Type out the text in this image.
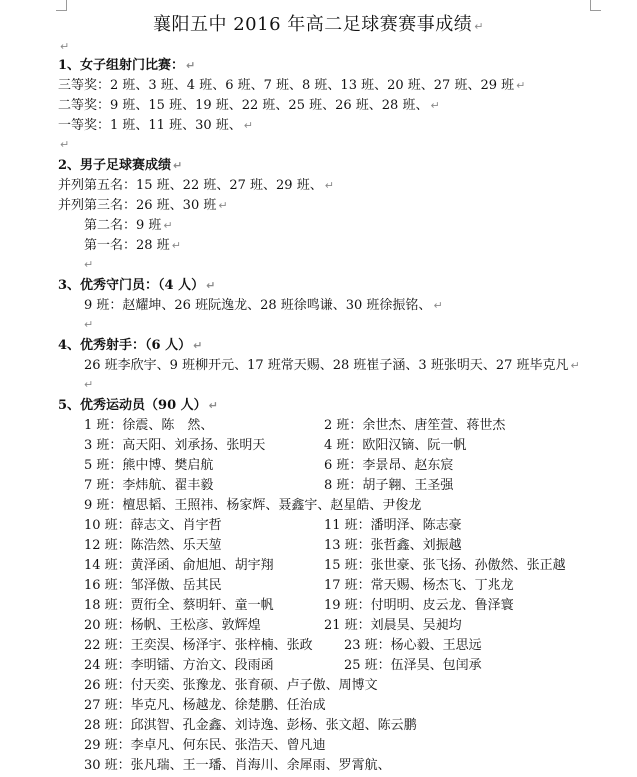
襄阳五中 2016 年高二足球赛赛事成绩 ↵
↵
1、女子组射门比赛： ↵
三等奖：2 班、3 班、4 班、6 班、7 班、8 班、13 班、20 班、27 班、29 班 ↵
二等奖：9 班、15 班、19 班、22 班、25 班、26 班、28 班、 ↵
一等奖：1 班、11 班、30 班、 ↵
↵
2、男子足球赛成绩 ↵
并列第五名：15 班、22 班、27 班、29 班、 ↵
并列第三名：26 班、30 班 ↵
第二名：9 班 ↵
第一名：28 班 ↵
↵
3、优秀守门员：（4 人） ↵
9 班：赵耀坤、26 班阮逸龙、28 班徐鸣谦、30 班徐振铭、 ↵
↵
4、优秀射手：（6 人） ↵
26 班李欣宇、9 班柳开元、17 班常天赐、28 班崔子涵、3 班张明天、27 班毕克凡 ↵
↵
5、优秀运动员（90 人） ↵
1 班：徐震、陈　然、	2 班：余世杰、唐笙萱、蒋世杰
3 班：高天阳、刘承扬、张明天	4 班：欧阳汉镝、阮一帆
5 班：熊中博、樊启航	6 班：李景昂、赵东宸
7 班：李炜航、翟丰毅	8 班：胡子翱、王圣强
9 班：檀思韬、王照祎、杨家辉、聂鑫宇、赵星皓、尹俊龙
10 班：薛志文、肖宇哲	11 班：潘明泽、陈志豪
12 班：陈浩然、乐天堃	13 班：张哲鑫、刘振越
14 班：黄泽函、俞旭旭、胡宇翔	15 班：张世豪、张飞扬、孙傲然、张正越
16 班：邹泽傲、岳其民	17 班：常天赐、杨杰飞、丁兆龙
18 班：贾衎全、蔡明轩、童一帆	19 班：付明明、皮云龙、鲁泽寰
20 班：杨帆、王松彦、敦辉煌	21 班：刘晨昊、吴昶均
22 班：王奕淏、杨泽宇、张梓楠、张政 23 班：杨心毅、王思远
24 班：李明镭、方治文、段雨函	25 班：伍泽昊、包闰承
26 班：付天奕、张豫龙、张育硕、卢子傲、周博文
27 班：毕克凡、杨越龙、徐楚鹏、任治成
28 班：邱淇智、孔金鑫、刘诗逸、彭杨、张文超、陈云鹏
29 班：李卓凡、何东民、张浩天、曾凡迪
30 班：张凡瑞、王一璠、肖海川、余犀雨、罗霄航、
